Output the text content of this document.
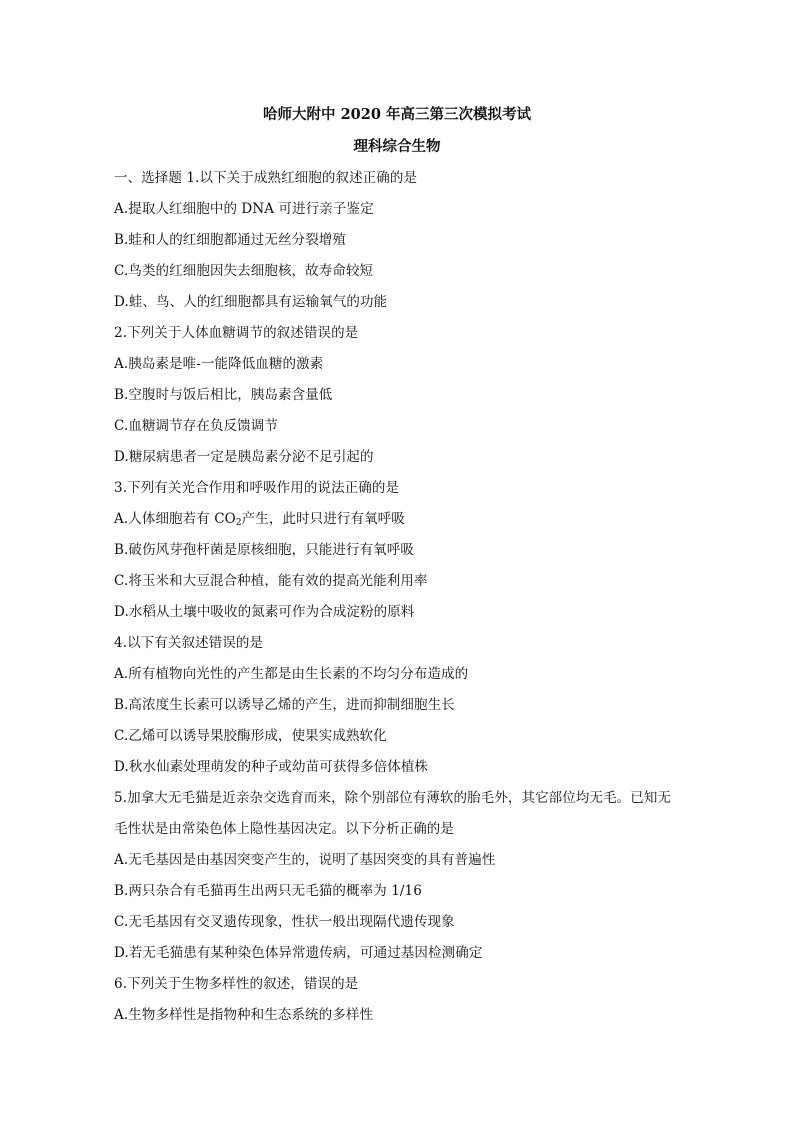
哈师大附中 2020 年高三第三次模拟考试
理科综合生物
一、选择题 1.以下关于成熟红细胞的叙述正确的是
A.提取人红细胞中的 DNA 可进行亲子鉴定
B.蛙和人的红细胞都通过无丝分裂增殖
C.鸟类的红细胞因失去细胞核，故寿命较短
D.蛙、鸟、人的红细胞都具有运输氧气的功能
2.下列关于人体血糖调节的叙述错误的是
A.胰岛素是唯-一能降低血糖的激素
B.空腹时与饭后相比，胰岛素含量低
C.血糖调节存在负反馈调节
D.糖尿病患者一定是胰岛素分泌不足引起的
3.下列有关光合作用和呼吸作用的说法正确的是
A.人体细胞若有 $CO_2$产生，此时只进行有氧呼吸
B.破伤风芽孢杆菌是原核细胞，只能进行有氧呼吸
C.将玉米和大豆混合种植，能有效的提高光能利用率
D.水稻从土壤中吸收的氮素可作为合成淀粉的原料
4.以下有关叙述错误的是
A.所有植物向光性的产生都是由生长素的不均匀分布造成的
B.高浓度生长素可以诱导乙烯的产生，进而抑制细胞生长
C.乙烯可以诱导果胶酶形成，使果实成熟软化
D.秋水仙素处理萌发的种子或幼苗可获得多倍体植株
5.加拿大无毛猫是近亲杂交选育而来，除个别部位有薄软的胎毛外，其它部位均无毛。已知无
毛性状是由常染色体上隐性基因决定。以下分析正确的是
A.无毛基因是由基因突变产生的，说明了基因突变的具有普遍性
B.两只杂合有毛猫再生出两只无毛猫的概率为 1/16
C.无毛基因有交叉遗传现象，性状一般出现隔代遗传现象
D.若无毛猫患有某种染色体异常遗传病，可通过基因检测确定
6.下列关于生物多样性的叙述，错误的是
A.生物多样性是指物种和生态系统的多样性
